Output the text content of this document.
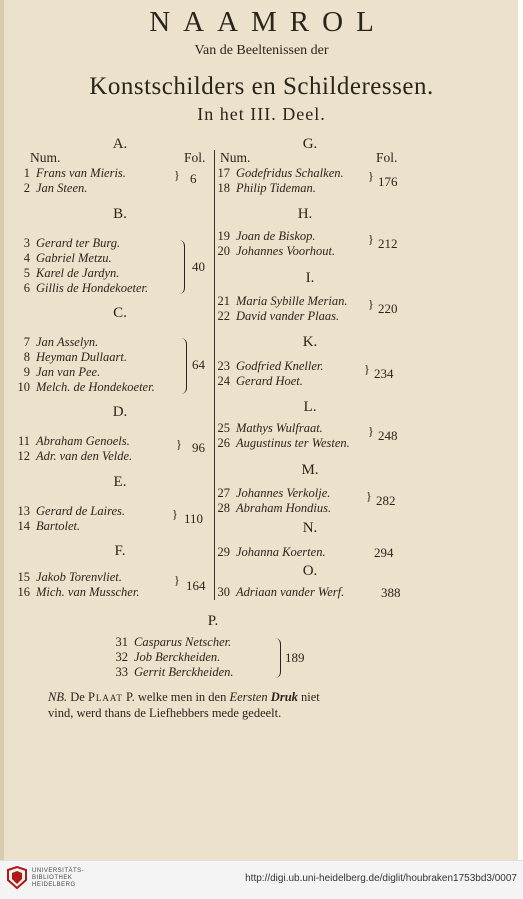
NAAMROL
Van de Beeltenissen der
Konstschilders en Schilderessen.
In het III. Deel.
A.
Num.	Fol.
1 Frans van Mieris.
2 Jan Steen.
} 6
B.
3 Gerard ter Burg.
4 Gabriel Metzu.
5 Karel de Jardyn.
6 Gillis de Hondekoeter.
40
C.
7 Jan Asselyn.
8 Heyman Dullaart.
9 Jan van Pee.
10 Melch. de Hondekoeter.
64
D.
11 Abraham Genoels.
12 Adr. van den Velde.
} 96
E.
13 Gerard de Laires.
14 Bartolet.
} 110
F.
15 Jakob Torenvliet.
16 Mich. van Musscher.
} 164
G.
Num.	Fol.
17 Godefridus Schalken.
18 Philip Tideman.
} 176
H.
19 Joan de Biskop.
20 Johannes Voorhout.
} 212
I.
21 Maria Sybille Merian.
22 David vander Plaas.
} 220
K.
23 Godfried Kneller.
24 Gerard Hoet.
} 234
L.
25 Mathys Wulfraat.
26 Augustinus ter Westen.
} 248
M.
27 Johannes Verkolje.
28 Abraham Hondius.
} 282
N.
29 Johanna Koerten.	294
O.
30 Adriaan vander Werf.	388
P.
31 Casparus Netscher.
32 Job Berckheiden.
33 Gerrit Berckheiden.
189
NB. De Plaat P. welke men in den Eersten Druk niet
vind, werd thans de Liefhebbers mede gedeelt.
UNIVERSITÄTS-
BIBLIOTHEK
HEIDELBERG
http://digi.ub.uni-heidelberg.de/diglit/houbraken1753bd3/0007
